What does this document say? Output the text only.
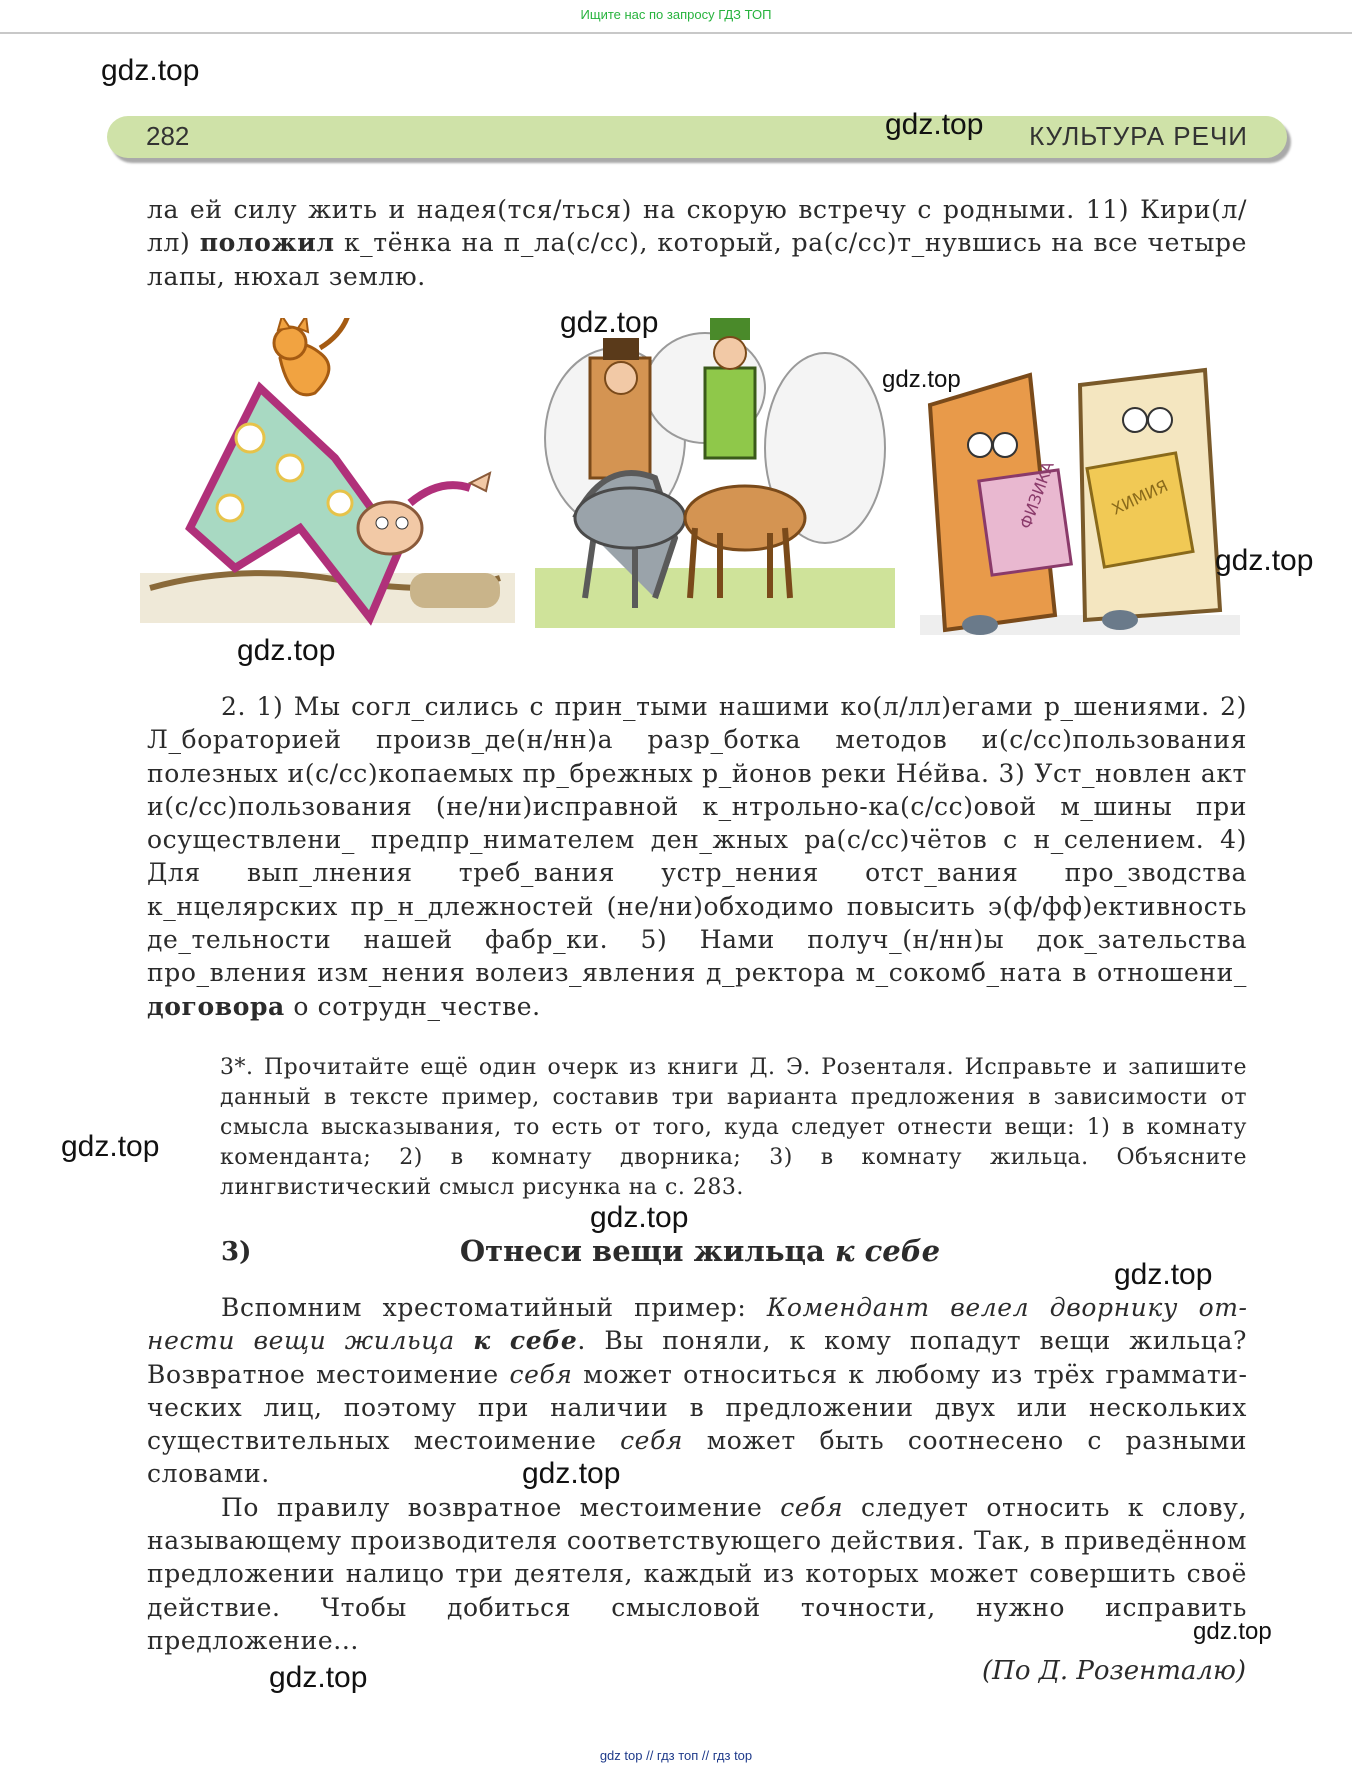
Ищите нас по запросу ГДЗ ТОП
gdz.top
282	gdz.top КУЛЬТУРА РЕЧИ
ла ей силу жить и надея(тся/ться) на скорую встречу с родными. 11) Кири(л/лл) положил к_тёнка на п_ла(с/сс), который, ра(с/сс)т_нувшись на все четыре лапы, нюхал землю.
gdz.top
gdz.top
ФИЗИКА	ХИМИЯ
gdz.top
gdz.top
2. 1) Мы согл_сились с прин_тыми нашими ко(л/лл)егами р_шениями. 2) Л_бораторией произв_де(н/нн)а разр_ботка методов и(с/сс)пользования полезных и(с/сс)копаемых пр_брежных р_йонов реки Не́йва. 3) Уст_новлен акт и(с/сс)пользования (не/ни)исправной к_нтрольно-ка(с/сс)овой м_шины при осуществлени_ предпр_нимателем ден_жных ра(с/сс)чётов с н_селением. 4) Для вып_лнения треб_вания устр_нения отст_вания про_зводства к_нцелярских пр_н_длежностей (не/ни)обходимо повысить э(ф/фф)ективность де_тельности нашей фабр_ки. 5) Нами получ_(н/нн)ы док_зательства про_вления изм_нения волеиз_явления д_ректора м_сокомб_ната в отношени_ договора о сотрудн_честве.

3*. Прочитайте ещё один очерк из книги Д. Э. Розенталя. Исправьте и запишите данный в тексте пример, составив три варианта предложения в зависимости от смысла высказывания, то есть от того, куда следует отнести вещи: 1) в комнату коменданта; 2) в комнату дворника; 3) в комнату жильца. Объясните лингвистический смысл рисунка на с. 283.

gdz.top
gdz.top
3)	Отнеси вещи жильца к себе
gdz.top

Вспомним хрестоматийный пример: Комендант велел дворнику отнести вещи жильца к себе. Вы поняли, к кому попадут вещи жильца? Возвратное местоимение себя может относиться к любому из трёх грамматических лиц, поэтому при наличии в предложении двух или нескольких существительных местоимение себя может быть соотнесено с разными словами.

По правилу возвратное местоимение себя следует относить к слову, называющему производителя соответствующего действия. Так, в приведённом предложении налицо три деятеля, каждый из которых может совершить своё действие. Чтобы добиться смысловой точности, нужно исправить предложение...

gdz.top
gdz.top
gdz.top	(По Д. Розенталю)
gdz top // гдз топ // гдз top
